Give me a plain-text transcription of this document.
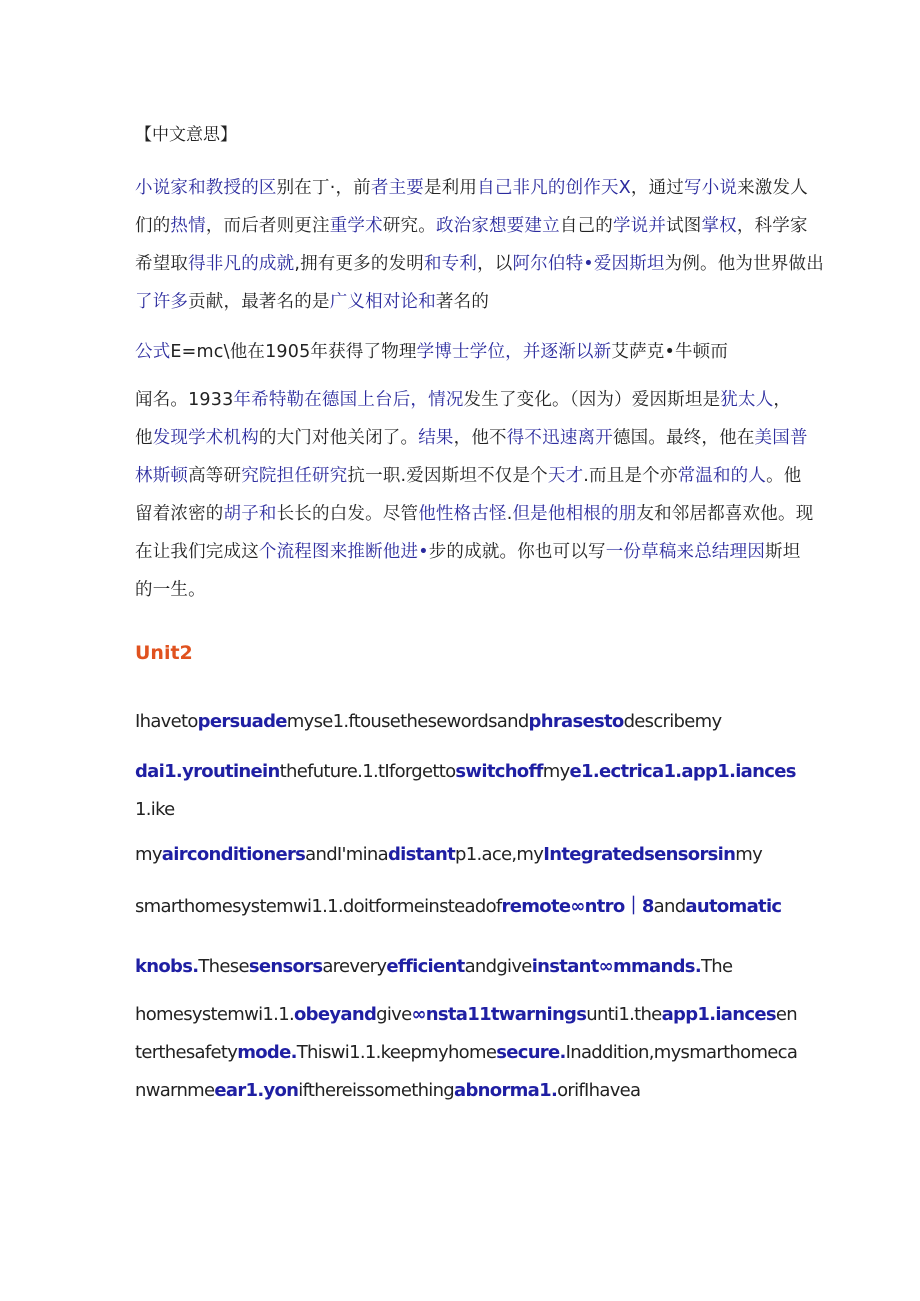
【中文意思】
小说家和教授的区别在丁·，前者主要是利用自己非凡的创作天X，通过写小说来激发人
们的热情，而后者则更注重学术研究。政治家想要建立自己的学说并试图掌权，科学家
希望取得非凡的成就,拥有更多的发明和专利，以阿尔伯特•爱因斯坦为例。他为世界做出
了许多贡献，最著名的是广义相对论和著名的
公式E=mc\他在1905年获得了物理学博士学位，并逐渐以新艾萨克•牛顿而
闻名。1933年希特勒在德国上台后，情况发生了变化。（因为）爱因斯坦是犹太人，
他发现学术机构的大门对他关闭了。结果，他不得不迅速离开德国。最终，他在美国普
林斯顿高等研究院担任研究抗一职.爱因斯坦不仅是个天才.而且是个亦常温和的人。他
留着浓密的胡子和长长的白发。尽管他性格古怪.但是他相根的朋友和邻居都喜欢他。现
在让我们完成这个流程图来推断他进•步的成就。你也可以写一份草稿来总结理因斯坦
的一生。
Unit2
Ihavetopersuademyse1.ftousethesewordsandphrasestodescribemy
dai1.yroutineinthefuture.1.tIforgettoswitchoffmye1.ectrica1.app1.iances
1.ike
myairconditionersandI'minadistantp1.ace,myIntegratedsensorsinmy
smarthomesystemwi1.1.doitformeinsteadofremote∞ntro｜8andautomatic
knobs.Thesesensorsareveryefficientandgiveinstant∞mmands.The
homesystemwi1.1.obeyandgive∞nsta11twarningsunti1.theapp1.iancesen
terthesafetymode.Thiswi1.1.keepmyhomesecure.Inaddition,mysmarthomeca
nwarnmeear1.yonifthereissomethingabnorma1.orifIhavea
